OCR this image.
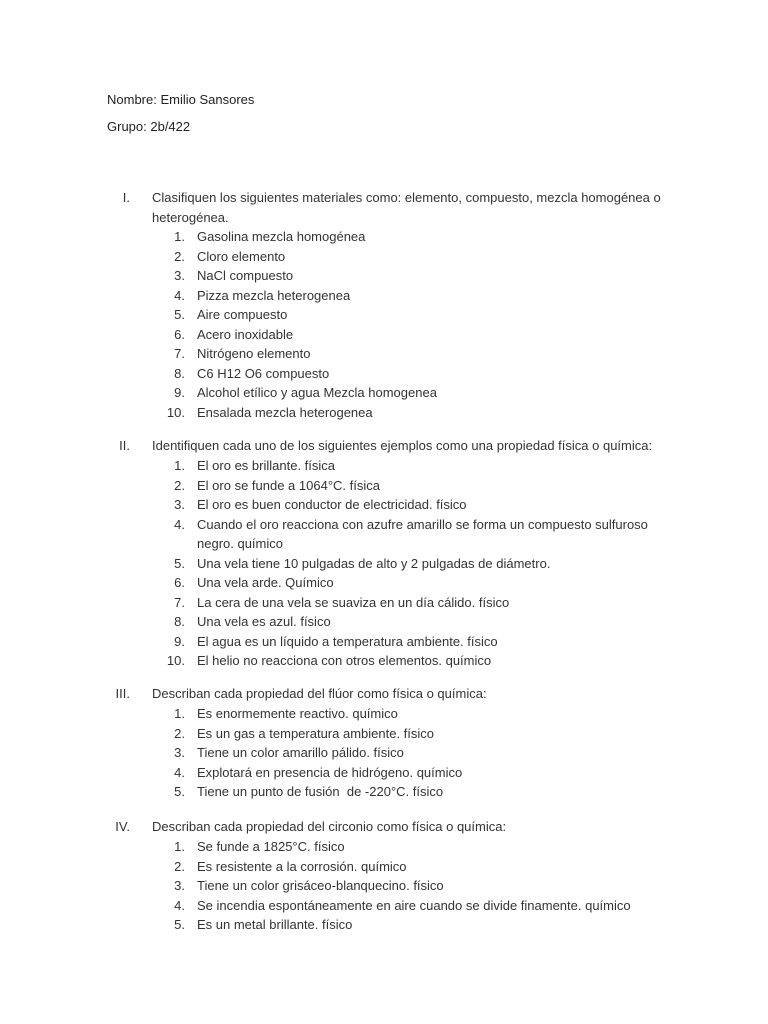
Nombre: Emilio Sansores
Grupo: 2b/422
I. Clasifiquen los siguientes materiales como: elemento, compuesto, mezcla homogénea o heterogénea.
1. Gasolina mezcla homogénea
2. Cloro elemento
3. NaCl compuesto
4. Pizza mezcla heterogenea
5. Aire compuesto
6. Acero inoxidable
7. Nitrógeno elemento
8. C6 H12 O6 compuesto
9. Alcohol etílico y agua Mezcla homogenea
10. Ensalada mezcla heterogenea
II. Identifiquen cada uno de los siguientes ejemplos como una propiedad física o química:
1. El oro es brillante. física
2. El oro se funde a 1064°C. física
3. El oro es buen conductor de electricidad. físico
4. Cuando el oro reacciona con azufre amarillo se forma un compuesto sulfuroso negro. químico
5. Una vela tiene 10 pulgadas de alto y 2 pulgadas de diámetro.
6. Una vela arde. Químico
7. La cera de una vela se suaviza en un día cálido. físico
8. Una vela es azul. físico
9. El agua es un líquido a temperatura ambiente. físico
10. El helio no reacciona con otros elementos. químico
III. Describan cada propiedad del flúor como física o química:
1. Es enormemente reactivo. químico
2. Es un gas a temperatura ambiente. físico
3. Tiene un color amarillo pálido. físico
4. Explotará en presencia de hidrógeno. químico
5. Tiene un punto de fusión  de -220°C. físico
IV. Describan cada propiedad del circonio como física o química:
1. Se funde a 1825°C. físico
2. Es resistente a la corrosión. químico
3. Tiene un color grisáceo-blanquecino. físico
4. Se incendia espontáneamente en aire cuando se divide finamente. químico
5. Es un metal brillante. físico
